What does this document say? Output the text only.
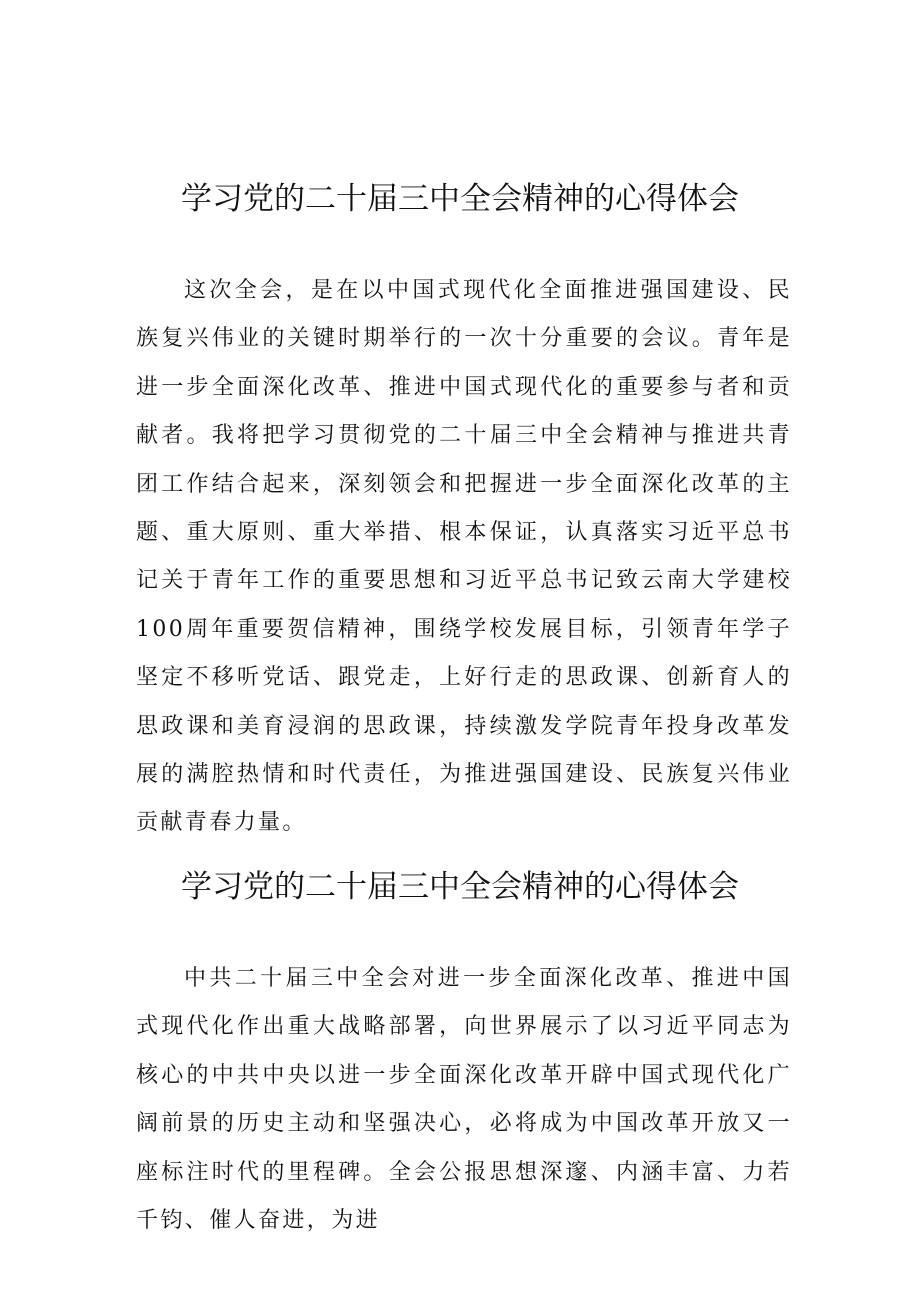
学习党的二十届三中全会精神的心得体会

这次全会，是在以中国式现代化全面推进强国建设、民族复兴伟业的关键时期举行的一次十分重要的会议。青年是进一步全面深化改革、推进中国式现代化的重要参与者和贡献者。我将把学习贯彻党的二十届三中全会精神与推进共青团工作结合起来，深刻领会和把握进一步全面深化改革的主题、重大原则、重大举措、根本保证，认真落实习近平总书记关于青年工作的重要思想和习近平总书记致云南大学建校100周年重要贺信精神，围绕学校发展目标，引领青年学子坚定不移听党话、跟党走，上好行走的思政课、创新育人的思政课和美育浸润的思政课，持续激发学院青年投身改革发展的满腔热情和时代责任，为推进强国建设、民族复兴伟业贡献青春力量。

学习党的二十届三中全会精神的心得体会

中共二十届三中全会对进一步全面深化改革、推进中国式现代化作出重大战略部署，向世界展示了以习近平同志为核心的中共中央以进一步全面深化改革开辟中国式现代化广阔前景的历史主动和坚强决心，必将成为中国改革开放又一座标注时代的里程碑。全会公报思想深邃、内涵丰富、力若千钧、催人奋进，为进
